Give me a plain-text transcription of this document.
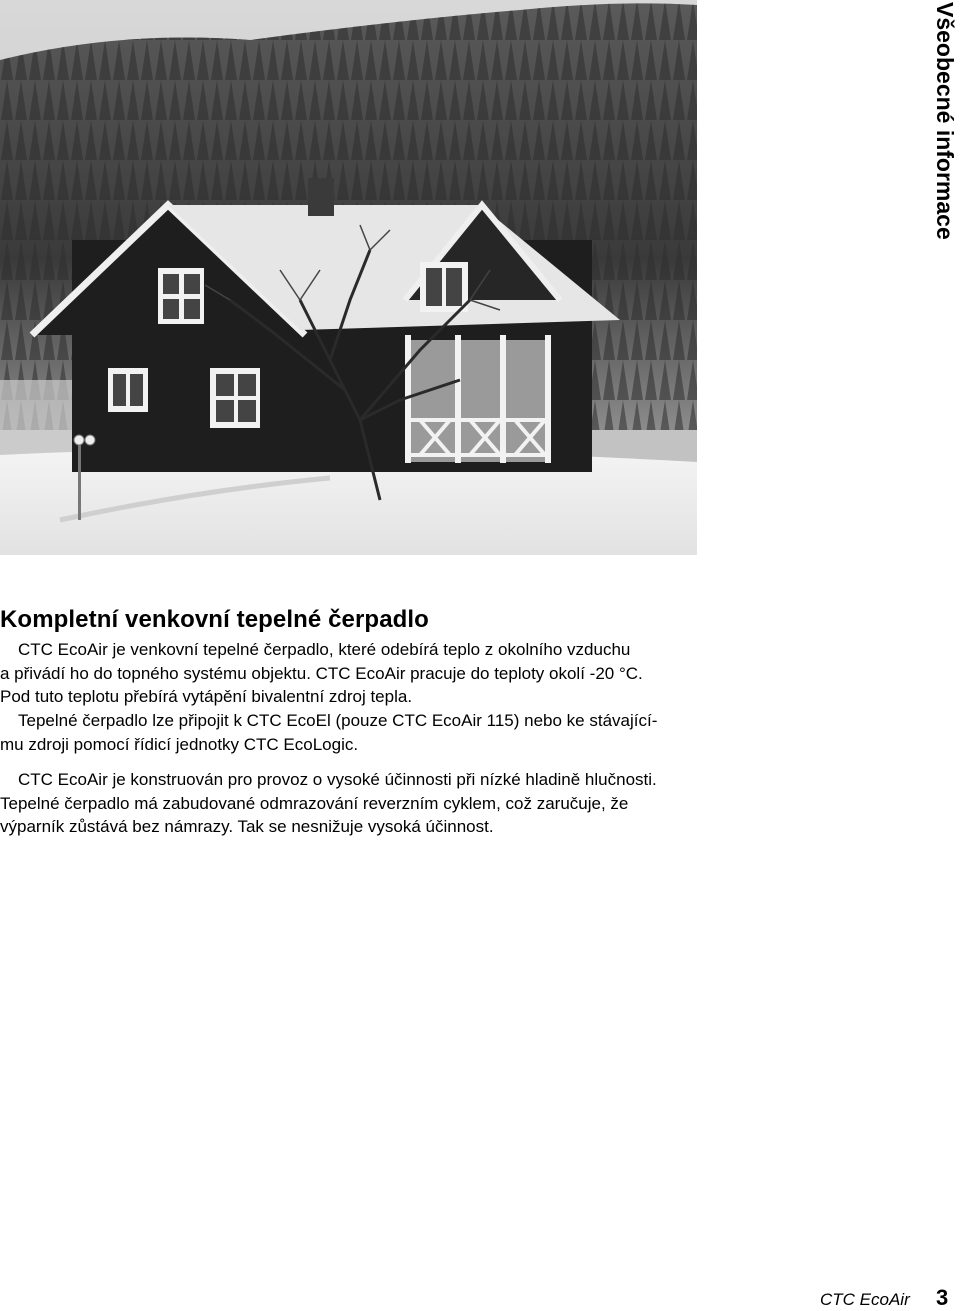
Všeobecné informace
Kompletní venkovní tepelné čerpadlo

CTC EcoAir je venkovní tepelné čerpadlo, které odebírá teplo z okolního vzduchu
a přivádí ho do topného systému objektu. CTC EcoAir pracuje do teploty okolí -20 °C.
Pod tuto teplotu přebírá vytápění bivalentní zdroj tepla.

Tepelné čerpadlo lze připojit k CTC EcoEl (pouze CTC EcoAir 115) nebo ke stávající-
mu zdroji pomocí řídicí jednotky CTC EcoLogic.

CTC EcoAir je konstruován pro provoz o vysoké účinnosti při nízké hladině hlučnosti.
Tepelné čerpadlo má zabudované odmrazování reverzním cyklem, což zaručuje, že
výparník zůstává bez námrazy. Tak se nesnižuje vysoká účinnost.

CTC EcoAir 3
